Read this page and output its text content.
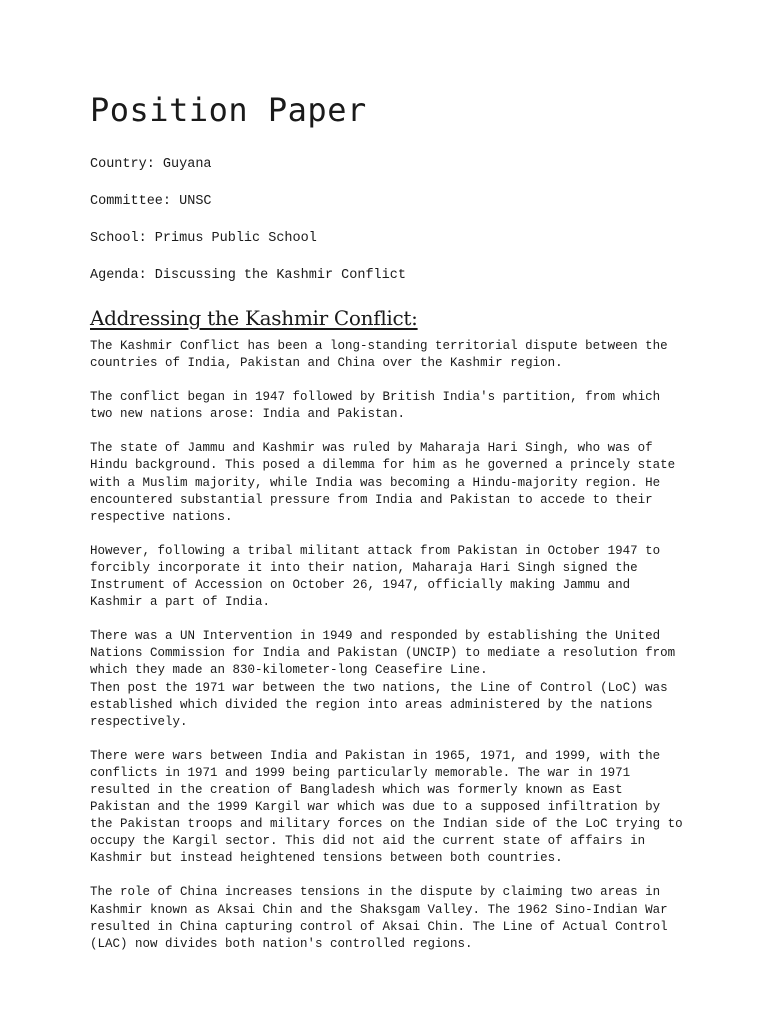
Position Paper

Country: Guyana

Committee: UNSC

School: Primus Public School

Agenda: Discussing the Kashmir Conflict

Addressing the Kashmir Conflict:

The Kashmir Conflict has been a long-standing territorial dispute between the countries of India, Pakistan and China over the Kashmir region.

The conflict began in 1947 followed by British India's partition, from which two new nations arose: India and Pakistan.

The state of Jammu and Kashmir was ruled by Maharaja Hari Singh, who was of Hindu background. This posed a dilemma for him as he governed a princely state with a Muslim majority, while India was becoming a Hindu-majority region. He encountered substantial pressure from India and Pakistan to accede to their respective nations.

However, following a tribal militant attack from Pakistan in October 1947 to forcibly incorporate it into their nation, Maharaja Hari Singh signed the Instrument of Accession on October 26, 1947, officially making Jammu and Kashmir a part of India.

There was a UN Intervention in 1949 and responded by establishing the United Nations Commission for India and Pakistan (UNCIP) to mediate a resolution from which they made an 830-kilometer-long Ceasefire Line.

Then post the 1971 war between the two nations, the Line of Control (LoC) was established which divided the region into areas administered by the nations respectively.

There were wars between India and Pakistan in 1965, 1971, and 1999, with the conflicts in 1971 and 1999 being particularly memorable. The war in 1971 resulted in the creation of Bangladesh which was formerly known as East Pakistan and the 1999 Kargil war which was due to a supposed infiltration by the Pakistan troops and military forces on the Indian side of the LoC trying to occupy the Kargil sector. This did not aid the current state of affairs in Kashmir but instead heightened tensions between both countries.

The role of China increases tensions in the dispute by claiming two areas in Kashmir known as Aksai Chin and the Shaksgam Valley. The 1962 Sino-Indian War resulted in China capturing control of Aksai Chin. The Line of Actual Control (LAC) now divides both nation's controlled regions.
